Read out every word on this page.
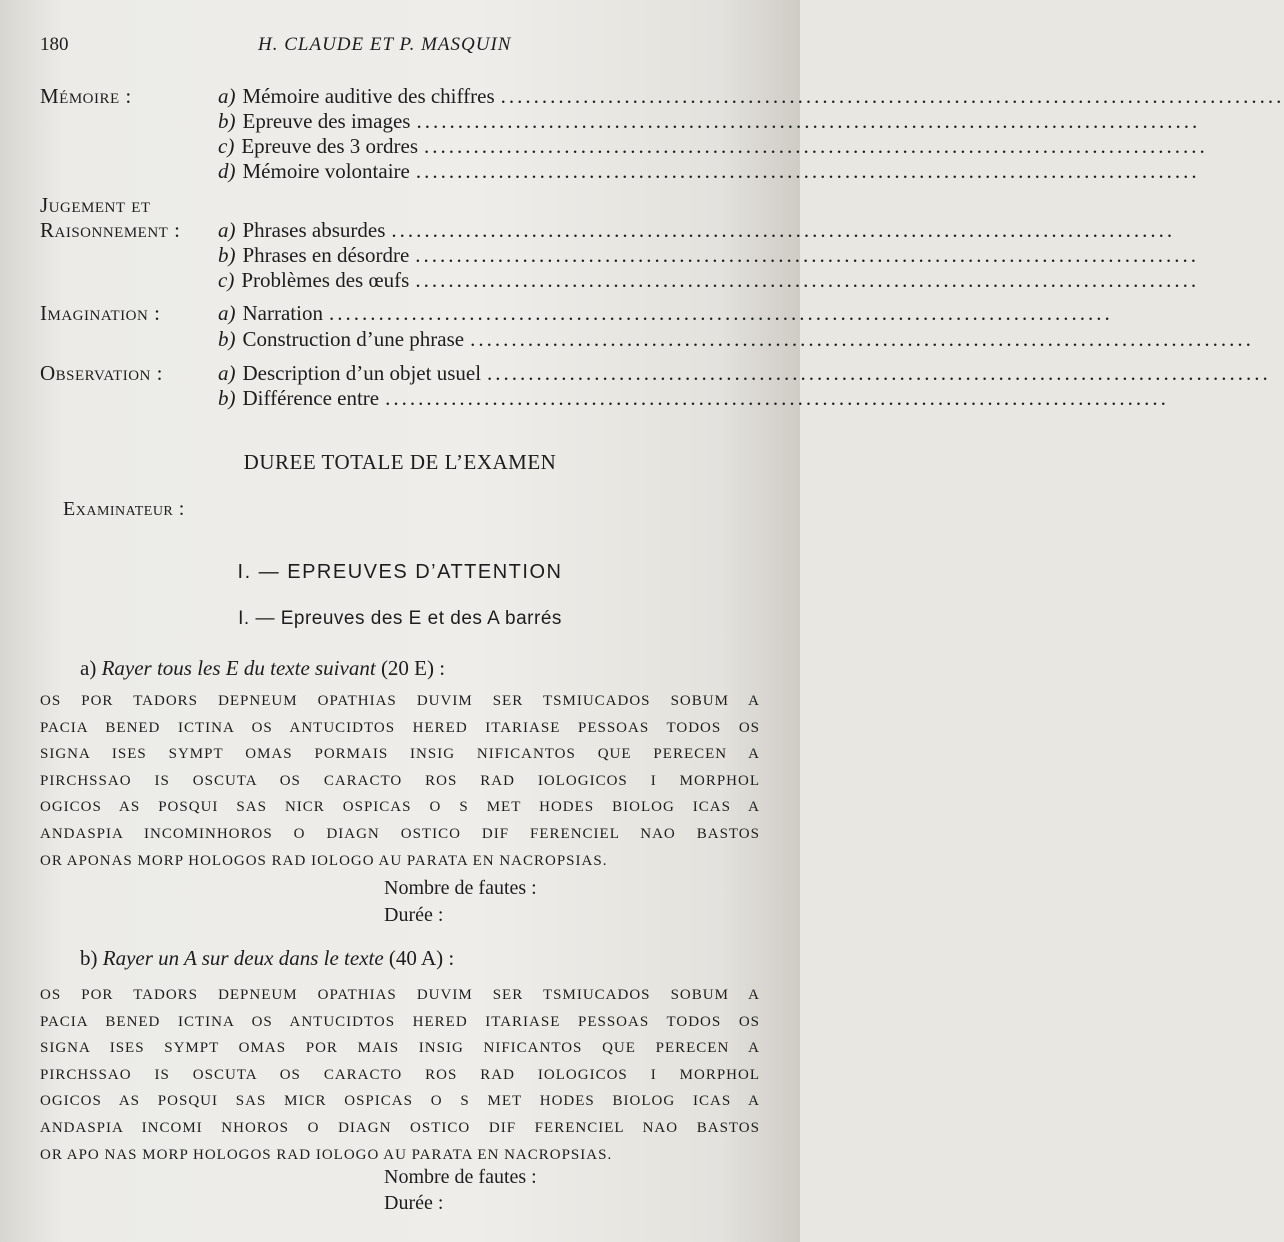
180	H. CLAUDE ET P. MASQUIN
Mémoire :	a) Mémoire auditive des chiffres ...............................................................................................
b) Epreuve des images ...............................................................................................
c) Epreuve des 3 ordres ...............................................................................................
d) Mémoire volontaire ...............................................................................................
Jugement et
Raisonnement : a) Phrases absurdes ...............................................................................................
b) Phrases en désordre ...............................................................................................
c) Problèmes des œufs ...............................................................................................
Imagination :	a) Narration ...............................................................................................
b) Construction d’une phrase ...............................................................................................
Observation :	a) Description d’un objet usuel ...............................................................................................
b) Différence entre ...............................................................................................
DUREE TOTALE DE L’EXAMEN
Examinateur :
I. — EPREUVES D’ATTENTION
I. — Epreuves des E et des A barrés
a) Rayer tous les E du texte suivant (20 E) :
OS POR TADORS DEPNEUM OPATHIAS DUVIM SER TSMIUCADOS SOBUM A
PACIA BENED ICTINA OS ANTUCIDTOS HERED ITARIASE PESSOAS TODOS OS
SIGNA ISES SYMPT OMAS PORMAIS INSIG NIFICANTOS QUE PERECEN A
PIRCHSSAO IS OSCUTA OS CARACTO ROS RAD IOLOGICOS I MORPHOL
OGICOS AS POSQUI SAS NICR OSPICAS O S MET HODES BIOLOG ICAS A
ANDASPIA INCOMINHOROS O DIAGN OSTICO DIF FERENCIEL NAO BASTOS
OR APONAS MORP HOLOGOS RAD IOLOGO AU PARATA EN NACROPSIAS.
Nombre de fautes :
Durée :
b) Rayer un A sur deux dans le texte (40 A) :
OS POR TADORS DEPNEUM OPATHIAS DUVIM SER TSMIUCADOS SOBUM A
PACIA BENED ICTINA OS ANTUCIDTOS HERED ITARIASE PESSOAS TODOS OS
SIGNA ISES SYMPT OMAS POR MAIS INSIG NIFICANTOS QUE PERECEN A
PIRCHSSAO IS OSCUTA OS CARACTO ROS RAD IOLOGICOS I MORPHOL
OGICOS AS POSQUI SAS MICR OSPICAS O S MET HODES BIOLOG ICAS A
ANDASPIA INCOMI NHOROS O DIAGN OSTICO DIF FERENCIEL NAO BASTOS
OR APO NAS MORP HOLOGOS RAD IOLOGO AU PARATA EN NACROPSIAS.
Nombre de fautes :
Durée :
